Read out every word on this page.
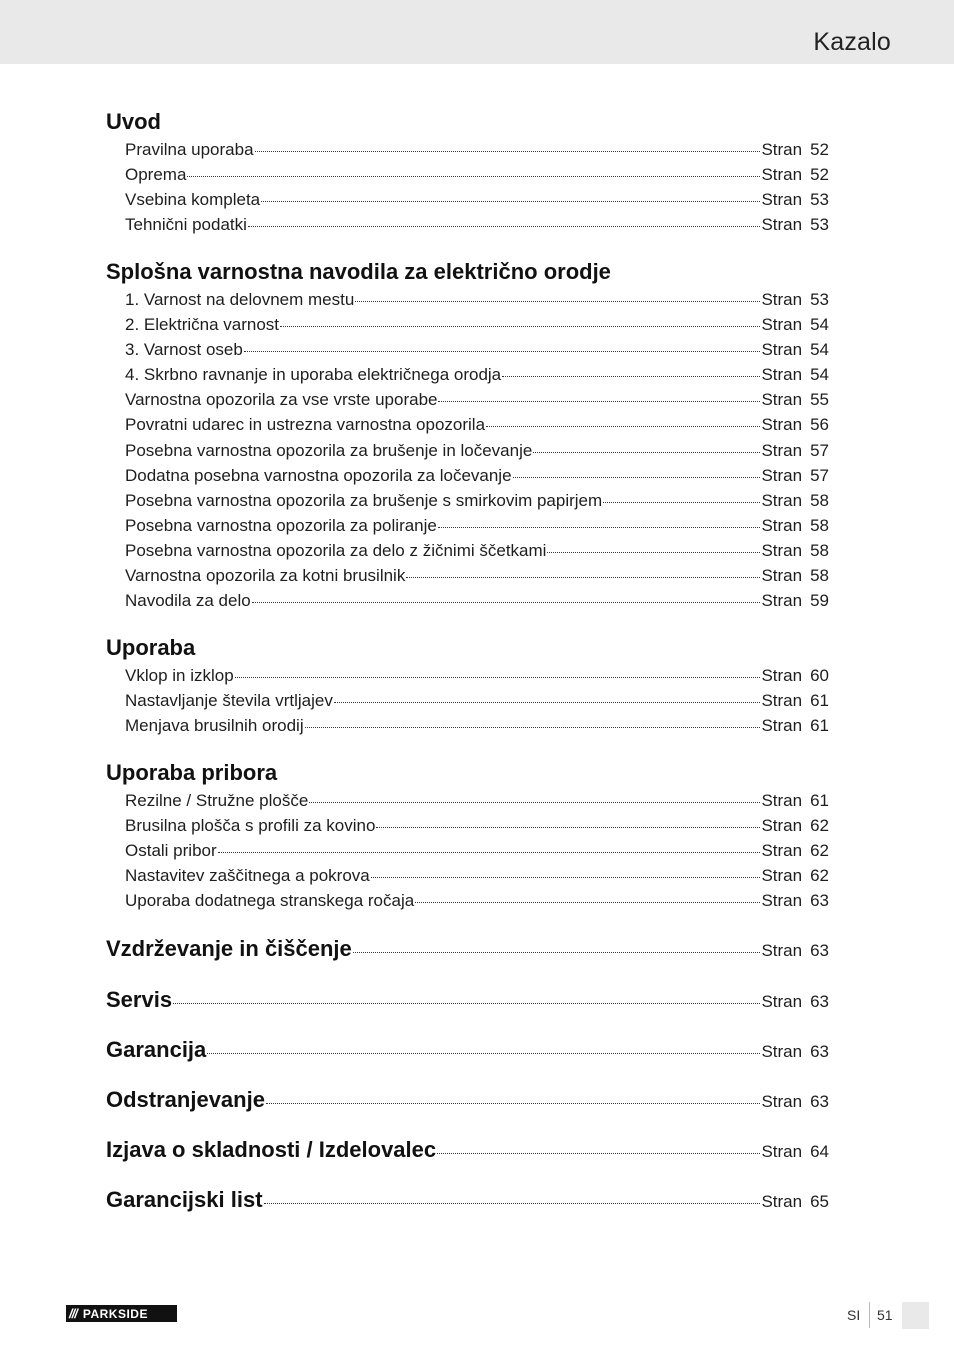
Kazalo
Uvod
Pravilna uporaba	Stran 52
Oprema	Stran 52
Vsebina kompleta	Stran 53
Tehnični podatki	Stran 53
Splošna varnostna navodila za električno orodje
1. Varnost na delovnem mestu	Stran 53
2. Električna varnost	Stran 54
3. Varnost oseb	Stran 54
4. Skrbno ravnanje in uporaba električnega orodja	Stran 54
Varnostna opozorila za vse vrste uporabe	Stran 55
Povratni udarec in ustrezna varnostna opozorila	Stran 56
Posebna varnostna opozorila za brušenje in ločevanje	Stran 57
Dodatna posebna varnostna opozorila za ločevanje	Stran 57
Posebna varnostna opozorila za brušenje s smirkovim papirjem	Stran 58
Posebna varnostna opozorila za poliranje	Stran 58
Posebna varnostna opozorila za delo z žičnimi ščetkami	Stran 58
Varnostna opozorila za kotni brusilnik	Stran 58
Navodila za delo	Stran 59
Uporaba
Vklop in izklop	Stran 60
Nastavljanje števila vrtljajev	Stran 61
Menjava brusilnih orodij	Stran 61
Uporaba pribora
Rezilne / Stružne plošče	Stran 61
Brusilna plošča s profili za kovino	Stran 62
Ostali pribor	Stran 62
Nastavitev zaščitnega a pokrova	Stran 62
Uporaba dodatnega stranskega ročaja	Stran 63
Vzdrževanje in čiščenje	Stran 63
Servis	Stran 63
Garancija	Stran 63
Odstranjevanje	Stran 63
Izjava o skladnosti / Izdelovalec	Stran 64
Garancijski list	Stran 65
/// PARKSIDE	SI 51
